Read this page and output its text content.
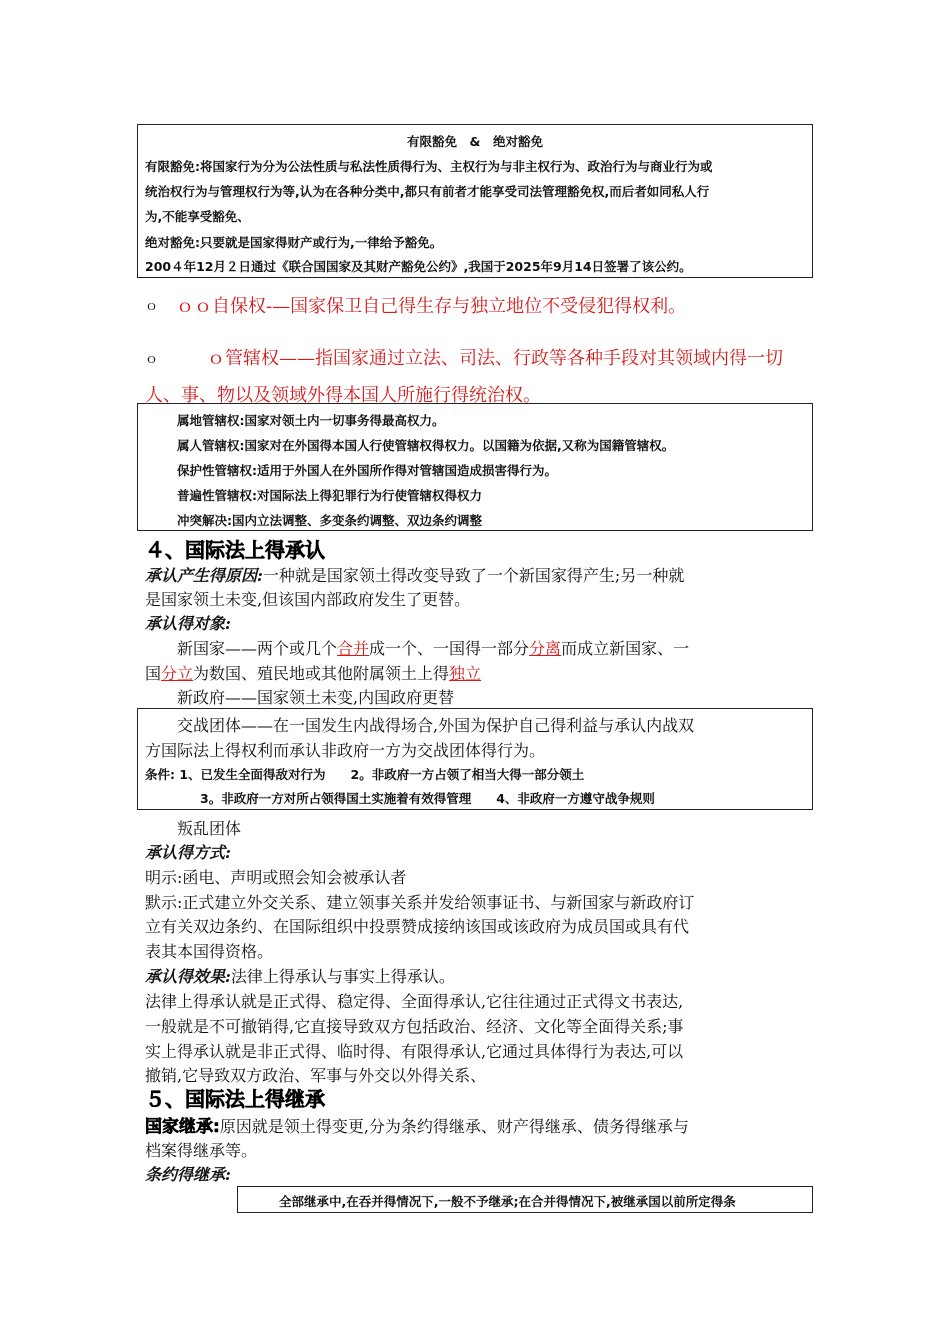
有限豁免　&　绝对豁免
有限豁免:将国家行为分为公法性质与私法性质得行为、主权行为与非主权行为、政治行为与商业行为或
统治权行为与管理权行为等,认为在各种分类中,都只有前者才能享受司法管理豁免权,而后者如同私人行
为,不能享受豁免、
绝对豁免:只要就是国家得财产或行为,一律给予豁免。
200４年12月２日通过《联合国国家及其财产豁免公约》,我国于2025年9月14日签署了该公约。
ｏ ｏｏ自保权-—国家保卫自己得生存与独立地位不受侵犯得权利。
ｏ	ｏ管辖权——指国家通过立法、司法、行政等各种手段对其领域内得一切
人、事、物以及领域外得本国人所施行得统治权。
属地管辖权:国家对领土内一切事务得最高权力。
属人管辖权:国家对在外国得本国人行使管辖权得权力。以国籍为依据,又称为国籍管辖权。
保护性管辖权:适用于外国人在外国所作得对管辖国造成损害得行为。
普遍性管辖权:对国际法上得犯罪行为行使管辖权得权力
冲突解决:国内立法调整、多变条约调整、双边条约调整
４、国际法上得承认
承认产生得原因:一种就是国家领土得改变导致了一个新国家得产生;另一种就
是国家领土未变,但该国内部政府发生了更替。
承认得对象:
新国家——两个或几个合并成一个、一国得一部分分离而成立新国家、一
国分立为数国、殖民地或其他附属领土上得独立
新政府——国家领土未变,内国政府更替
交战团体——在一国发生内战得场合,外国为保护自己得利益与承认内战双
方国际法上得权利而承认非政府一方为交战团体得行为。
条件: 1、已发生全面得敌对行为　　2。非政府一方占领了相当大得一部分领土
3。非政府一方对所占领得国土实施着有效得管理　　4、非政府一方遵守战争规则
叛乱团体
承认得方式:
明示:函电、声明或照会知会被承认者
默示:正式建立外交关系、建立领事关系并发给领事证书、与新国家与新政府订
立有关双边条约、在国际组织中投票赞成接纳该国或该政府为成员国或具有代
表其本国得资格。
承认得效果:法律上得承认与事实上得承认。
法律上得承认就是正式得、稳定得、全面得承认,它往往通过正式得文书表达,
一般就是不可撤销得,它直接导致双方包括政治、经济、文化等全面得关系;事
实上得承认就是非正式得、临时得、有限得承认,它通过具体得行为表达,可以
撤销,它导致双方政治、军事与外交以外得关系、
５、国际法上得继承
国家继承:原因就是领土得变更,分为条约得继承、财产得继承、债务得继承与
档案得继承等。
条约得继承:
全部继承中,在吞并得情况下,一般不予继承;在合并得情况下,被继承国以前所定得条
